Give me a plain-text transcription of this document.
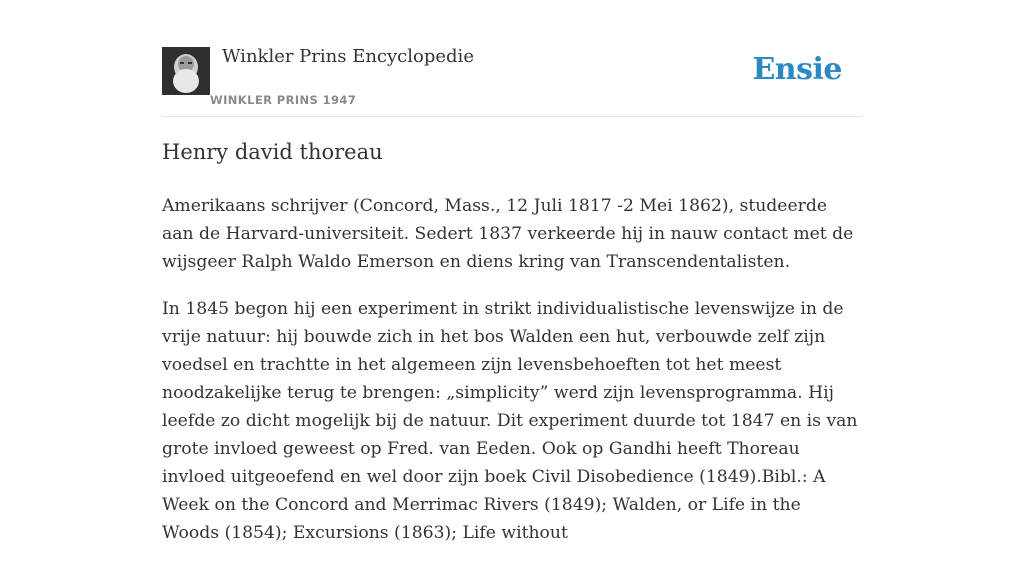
Winkler Prins Encyclopedie
WINKLER PRINS 1947
Ensie
Henry david thoreau

Amerikaans schrijver (Concord, Mass., 12 Juli 1817 -2 Mei 1862), studeerde aan de Harvard-universiteit. Sedert 1837 verkeerde hij in nauw contact met de wijsgeer Ralph Waldo Emerson en diens kring van Transcendentalisten.

In 1845 begon hij een experiment in strikt individualistische levenswijze in de vrije natuur: hij bouwde zich in het bos Walden een hut, verbouwde zelf zijn voedsel en trachtte in het algemeen zijn levensbehoeften tot het meest noodzakelijke terug te brengen: „simplicity” werd zijn levensprogramma. Hij leefde zo dicht mogelijk bij de natuur. Dit experiment duurde tot 1847 en is van grote invloed geweest op Fred. van Eeden. Ook op Gandhi heeft Thoreau invloed uitgeoefend en wel door zijn boek Civil Disobedience (1849).Bibl.: A Week on the Concord and Merrimac Rivers (1849); Walden, or Life in the Woods (1854); Excursions (1863); Life without
